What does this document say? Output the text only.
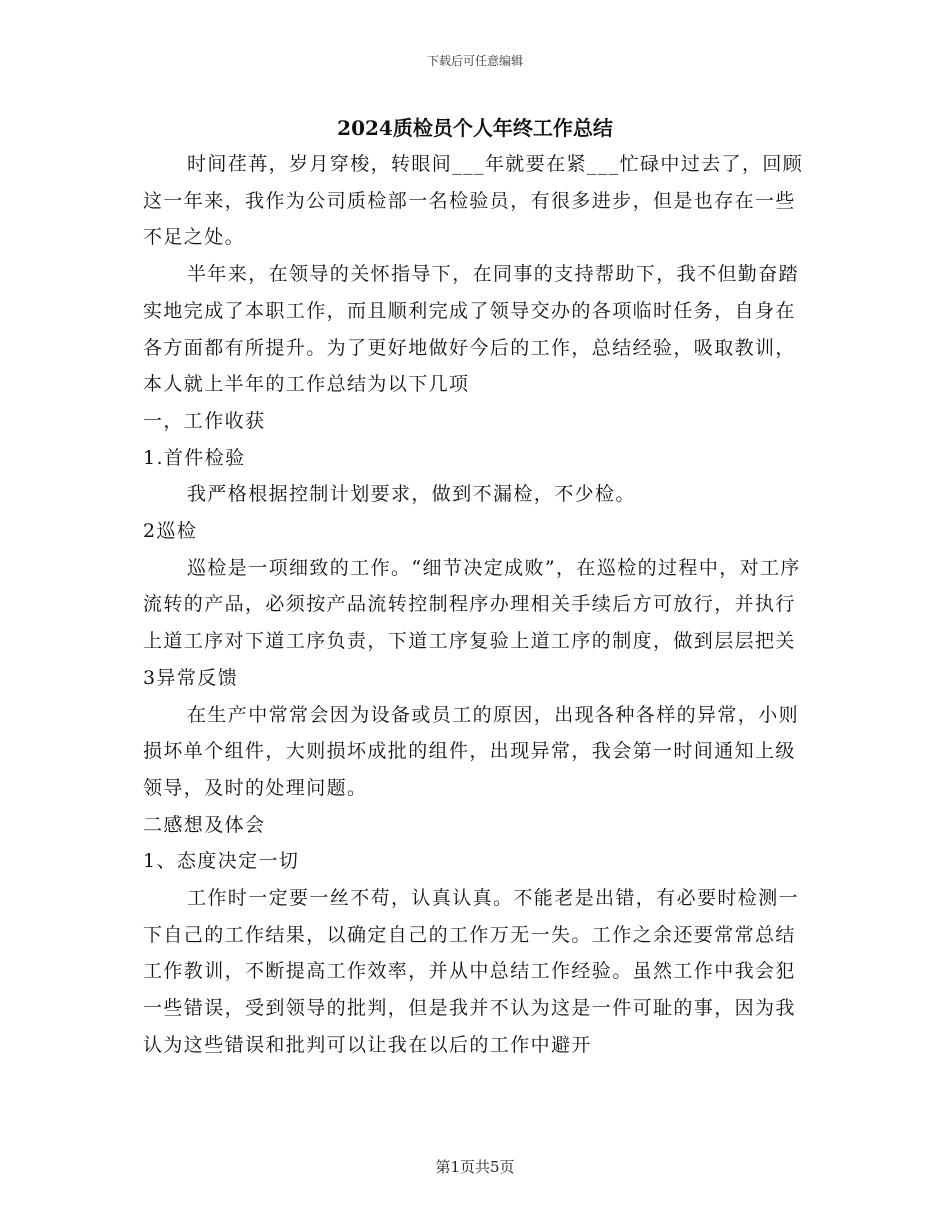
下载后可任意编辑
2024质检员个人年终工作总结

时间荏苒，岁月穿梭，转眼间___年就要在紧___忙碌中过去了，回顾这一年来，我作为公司质检部一名检验员，有很多进步，但是也存在一些不足之处。

半年来，在领导的关怀指导下，在同事的支持帮助下，我不但勤奋踏实地完成了本职工作，而且顺利完成了领导交办的各项临时任务，自身在各方面都有所提升。为了更好地做好今后的工作，总结经验，吸取教训，本人就上半年的工作总结为以下几项

一，工作收获

1.首件检验

我严格根据控制计划要求，做到不漏检，不少检。

2巡检

巡检是一项细致的工作。“细节决定成败”，在巡检的过程中，对工序流转的产品，必须按产品流转控制程序办理相关手续后方可放行，并执行上道工序对下道工序负责，下道工序复验上道工序的制度，做到层层把关

3异常反馈

在生产中常常会因为设备或员工的原因，出现各种各样的异常，小则损坏单个组件，大则损坏成批的组件，出现异常，我会第一时间通知上级领导，及时的处理问题。

二感想及体会

1、态度决定一切

工作时一定要一丝不苟，认真认真。不能老是出错，有必要时检测一下自己的工作结果，以确定自己的工作万无一失。工作之余还要常常总结工作教训，不断提高工作效率，并从中总结工作经验。虽然工作中我会犯一些错误，受到领导的批判，但是我并不认为这是一件可耻的事，因为我认为这些错误和批判可以让我在以后的工作中避开

第1页共5页
